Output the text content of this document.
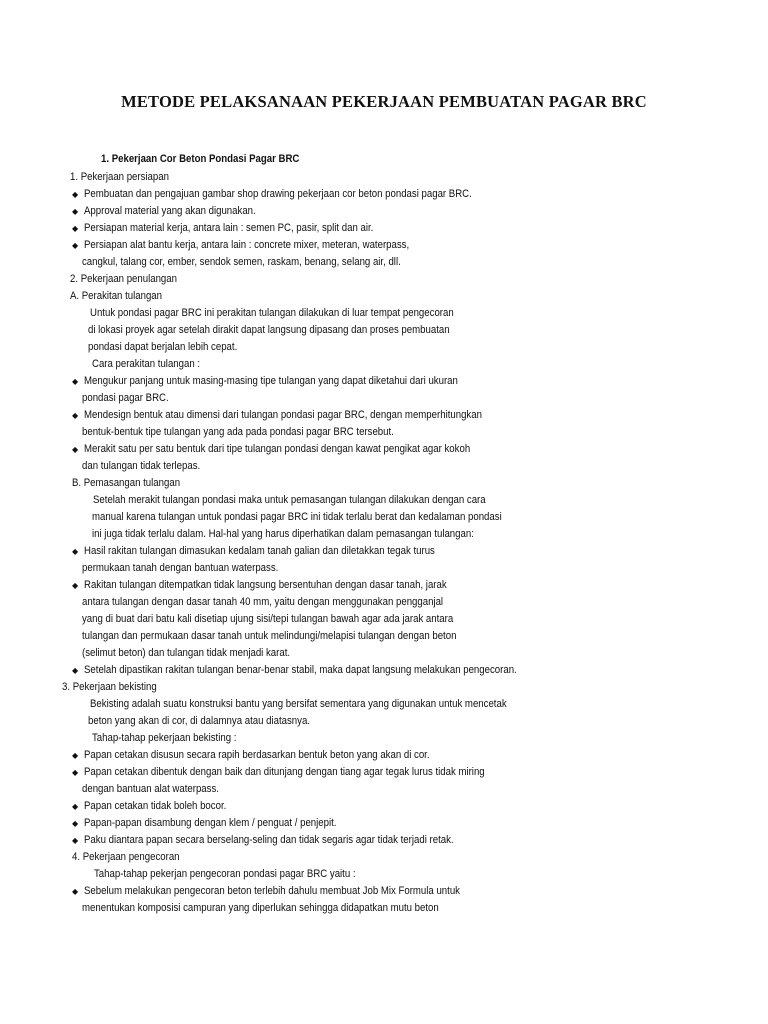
METODE PELAKSANAAN PEKERJAAN PEMBUATAN PAGAR BRC
1. Pekerjaan Cor Beton Pondasi Pagar BRC
1. Pekerjaan persiapan
◆
Pembuatan dan pengajuan gambar shop drawing pekerjaan cor beton pondasi pagar BRC.
◆
Approval material yang akan digunakan.
◆
Persiapan material kerja, antara lain : semen PC, pasir, split dan air.
◆
Persiapan alat bantu kerja, antara lain : concrete mixer, meteran, waterpass,
cangkul, talang cor, ember, sendok semen, raskam, benang, selang air, dll.
2. Pekerjaan penulangan
A. Perakitan tulangan
Untuk pondasi pagar BRC ini perakitan tulangan dilakukan di luar tempat pengecoran
di lokasi proyek agar setelah dirakit dapat langsung dipasang dan proses pembuatan
pondasi dapat berjalan lebih cepat.
Cara perakitan tulangan :
◆
Mengukur panjang untuk masing-masing tipe tulangan yang dapat diketahui dari ukuran
pondasi pagar BRC.
◆
Mendesign bentuk atau dimensi dari tulangan pondasi pagar BRC, dengan memperhitungkan
bentuk-bentuk tipe tulangan yang ada pada pondasi pagar BRC tersebut.
◆
Merakit satu per satu bentuk dari tipe tulangan pondasi dengan kawat pengikat agar kokoh
dan tulangan tidak terlepas.
B. Pemasangan tulangan
Setelah merakit tulangan pondasi maka untuk pemasangan tulangan dilakukan dengan cara
manual karena tulangan untuk pondasi pagar BRC ini tidak terlalu berat dan kedalaman pondasi
ini juga tidak terlalu dalam. Hal-hal yang harus diperhatikan dalam pemasangan tulangan:
◆
Hasil rakitan tulangan dimasukan kedalam tanah galian dan diletakkan tegak turus
permukaan tanah dengan bantuan waterpass.
◆
Rakitan tulangan ditempatkan tidak langsung bersentuhan dengan dasar tanah, jarak
antara tulangan dengan dasar tanah 40 mm, yaitu dengan menggunakan pengganjal
yang di buat dari batu kali disetiap ujung sisi/tepi tulangan bawah agar ada jarak antara
tulangan dan permukaan dasar tanah untuk melindungi/melapisi tulangan dengan beton
(selimut beton) dan tulangan tidak menjadi karat.
◆
Setelah dipastikan rakitan tulangan benar-benar stabil, maka dapat langsung melakukan pengecoran.
3. Pekerjaan bekisting
Bekisting adalah suatu konstruksi bantu yang bersifat sementara yang digunakan untuk mencetak
beton yang akan di cor, di dalamnya atau diatasnya.
Tahap-tahap pekerjaan bekisting :
◆
Papan cetakan disusun secara rapih berdasarkan bentuk beton yang akan di cor.
◆
Papan cetakan dibentuk dengan baik dan ditunjang dengan tiang agar tegak lurus tidak miring
dengan bantuan alat waterpass.
◆
Papan cetakan tidak boleh bocor.
◆
Papan-papan disambung dengan klem / penguat / penjepit.
◆
Paku diantara papan secara berselang-seling dan tidak segaris agar tidak terjadi retak.
4. Pekerjaan pengecoran
Tahap-tahap pekerjan pengecoran pondasi pagar BRC yaitu :
◆
Sebelum melakukan pengecoran beton terlebih dahulu membuat Job Mix Formula untuk
menentukan komposisi campuran yang diperlukan sehingga didapatkan mutu beton
